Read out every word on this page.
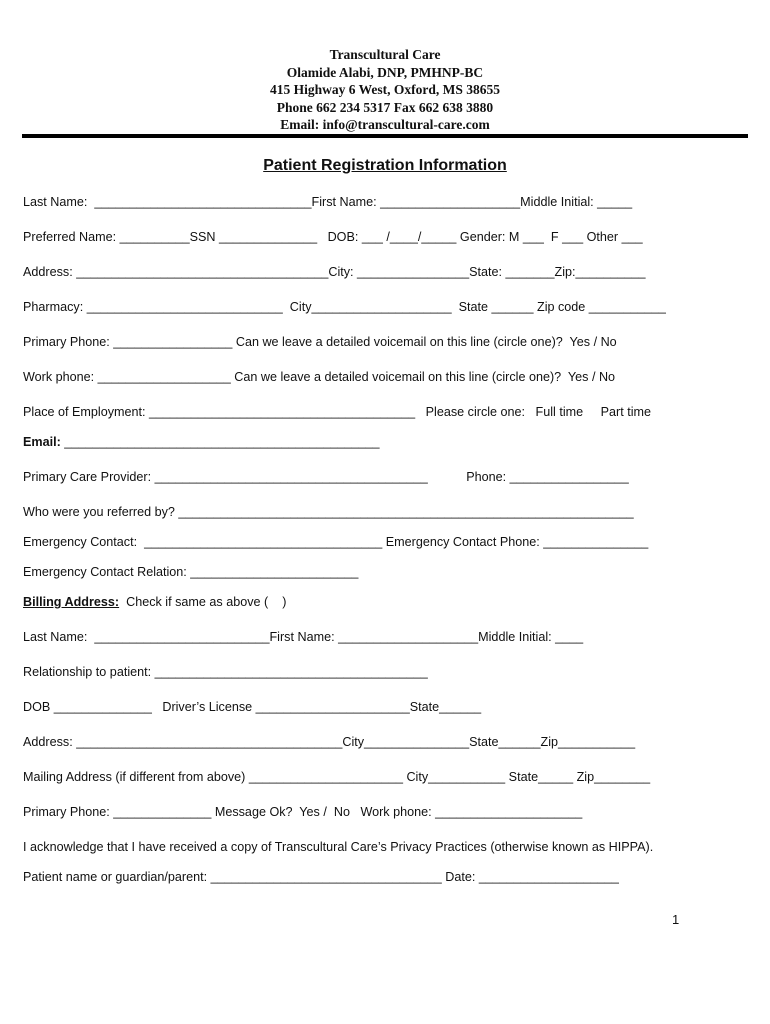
Transcultural Care
Olamide Alabi, DNP, PMHNP-BC
415 Highway 6 West, Oxford, MS 38655
Phone 662 234 5317 Fax 662 638 3880
Email: info@transcultural-care.com
Patient Registration Information
Last Name:  _______________________________First Name: ____________________Middle Initial: _____
Preferred Name: __________SSN ______________   DOB: ___ /____/_____ Gender: M ___  F ___ Other ___
Address: ____________________________________City: ________________State: _______Zip:__________
Pharmacy: ____________________________  City____________________  State ______ Zip code ___________
Primary Phone: _________________ Can we leave a detailed voicemail on this line (circle one)?  Yes / No
Work phone: ___________________ Can we leave a detailed voicemail on this line (circle one)?  Yes / No
Place of Employment: ______________________________________   Please circle one:   Full time     Part time
Email: _____________________________________________
Primary Care Provider: _______________________________________           Phone: _________________
Who were you referred by? _________________________________________________________________
Emergency Contact:  __________________________________ Emergency Contact Phone: _______________
Emergency Contact Relation: ________________________
Billing Address:  Check if same as above (    )
Last Name:  _________________________First Name: ____________________Middle Initial: ____
Relationship to patient: _______________________________________
DOB ______________   Driver’s License ______________________State______
Address: ______________________________________City_______________State______Zip___________
Mailing Address (if different from above) ______________________ City___________ State_____ Zip________
Primary Phone: ______________ Message Ok?  Yes /  No   Work phone: _____________________
I acknowledge that I have received a copy of Transcultural Care’s Privacy Practices (otherwise known as HIPPA).
Patient name or guardian/parent: _________________________________ Date: ____________________
1
